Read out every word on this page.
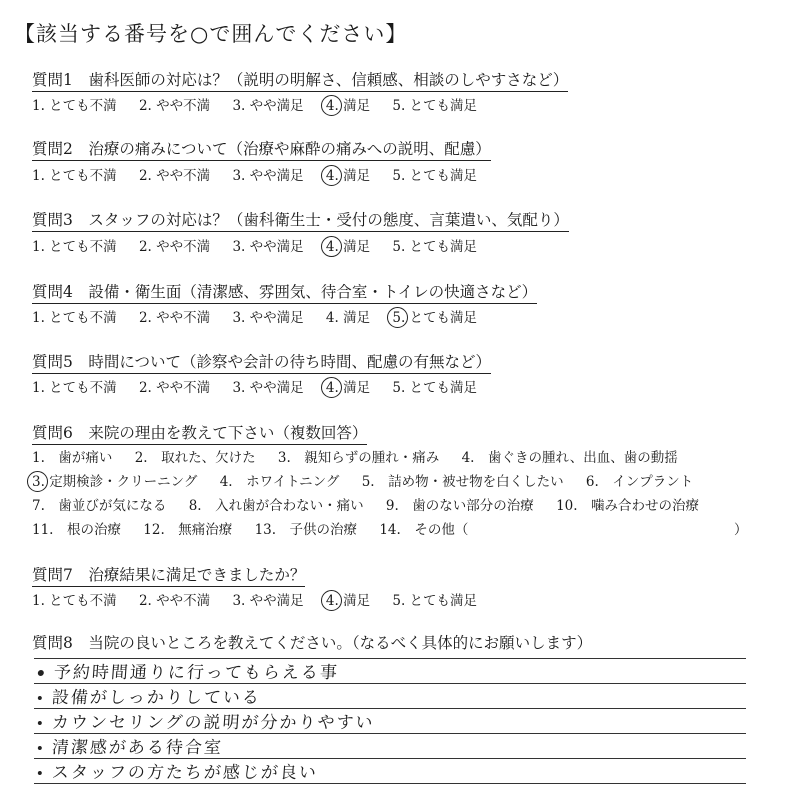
【該当する番号を○で囲んでください】
質問1　歯科医師の対応は？（説明の明解さ、信頼感、相談のしやすさなど）
1. とても不満 2. やや不満 3. やや満足 4. 満足 5. とても満足
質問2　治療の痛みについて（治療や麻酔の痛みへの説明、配慮）
1. とても不満 2. やや不満 3. やや満足 4. 満足 5. とても満足
質問3　スタッフの対応は？（歯科衛生士・受付の態度、言葉遣い、気配り）
1. とても不満 2. やや不満 3. やや満足 4. 満足 5. とても満足
質問4　設備・衛生面（清潔感、雰囲気、待合室・トイレの快適さなど）
1. とても不満 2. やや不満 3. やや満足 4. 満足 5. とても満足
質問5　時間について（診察や会計の待ち時間、配慮の有無など）
1. とても不満 2. やや不満 3. やや満足 4. 満足 5. とても満足
質問6　来院の理由を教えて下さい（複数回答）
1.　歯が痛い 2.　取れた、欠けた 3.　親知らずの腫れ・痛み 4.　歯ぐきの腫れ、出血、歯の動揺
3. 定期検診・クリーニング 4.　ホワイトニング 5.　詰め物・被せ物を白くしたい 6.　インプラント
7.　歯並びが気になる 8.　入れ歯が合わない・痛い 9.　歯のない部分の治療 10.　噛み合わせの治療
11.　根の治療 12.　無痛治療 13.　子供の治療 14.　その他（	）
質問7　治療結果に満足できましたか？
1. とても不満 2. やや不満 3. やや満足 4. 満足 5. とても満足
質問8　当院の良いところを教えてください。（なるべく具体的にお願いします）
予約時間通りに行ってもらえる事
設備がしっかりしている
カウンセリングの説明が分かりやすい
清潔感がある待合室
スタッフの方たちが感じが良い
